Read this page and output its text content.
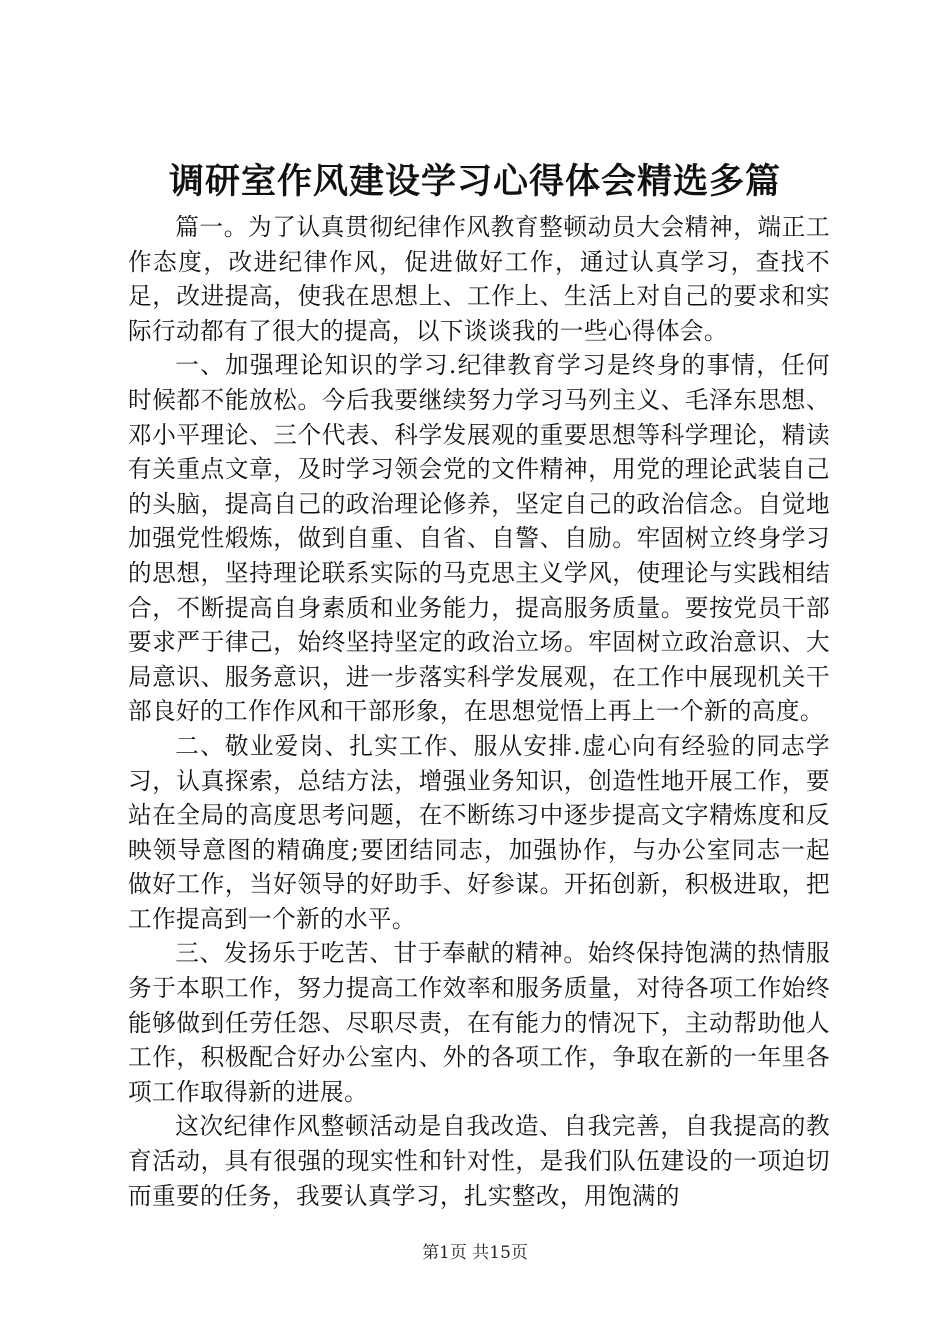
调研室作风建设学习心得体会精选多篇

篇一。为了认真贯彻纪律作风教育整顿动员大会精神，端正工作态度，改进纪律作风，促进做好工作，通过认真学习，查找不足，改进提高，使我在思想上、工作上、生活上对自己的要求和实际行动都有了很大的提高，以下谈谈我的一些心得体会。

一、加强理论知识的学习.纪律教育学习是终身的事情，任何时候都不能放松。今后我要继续努力学习马列主义、毛泽东思想、邓小平理论、三个代表、科学发展观的重要思想等科学理论，精读有关重点文章，及时学习领会党的文件精神，用党的理论武装自己的头脑，提高自己的政治理论修养，坚定自己的政治信念。自觉地加强党性煅炼，做到自重、自省、自警、自励。牢固树立终身学习的思想，坚持理论联系实际的马克思主义学风，使理论与实践相结合，不断提高自身素质和业务能力，提高服务质量。要按党员干部要求严于律己，始终坚持坚定的政治立场。牢固树立政治意识、大局意识、服务意识，进一步落实科学发展观，在工作中展现机关干部良好的工作作风和干部形象，在思想觉悟上再上一个新的高度。

二、敬业爱岗、扎实工作、服从安排.虚心向有经验的同志学习，认真探索，总结方法，增强业务知识，创造性地开展工作，要站在全局的高度思考问题，在不断练习中逐步提高文字精炼度和反映领导意图的精确度;要团结同志，加强协作，与办公室同志一起做好工作，当好领导的好助手、好参谋。开拓创新，积极进取，把工作提高到一个新的水平。

三、发扬乐于吃苦、甘于奉献的精神。始终保持饱满的热情服务于本职工作，努力提高工作效率和服务质量，对待各项工作始终能够做到任劳任怨、尽职尽责，在有能力的情况下，主动帮助他人工作，积极配合好办公室内、外的各项工作，争取在新的一年里各项工作取得新的进展。

这次纪律作风整顿活动是自我改造、自我完善，自我提高的教育活动，具有很强的现实性和针对性，是我们队伍建设的一项迫切而重要的任务，我要认真学习，扎实整改，用饱满的

第1页 共15页
